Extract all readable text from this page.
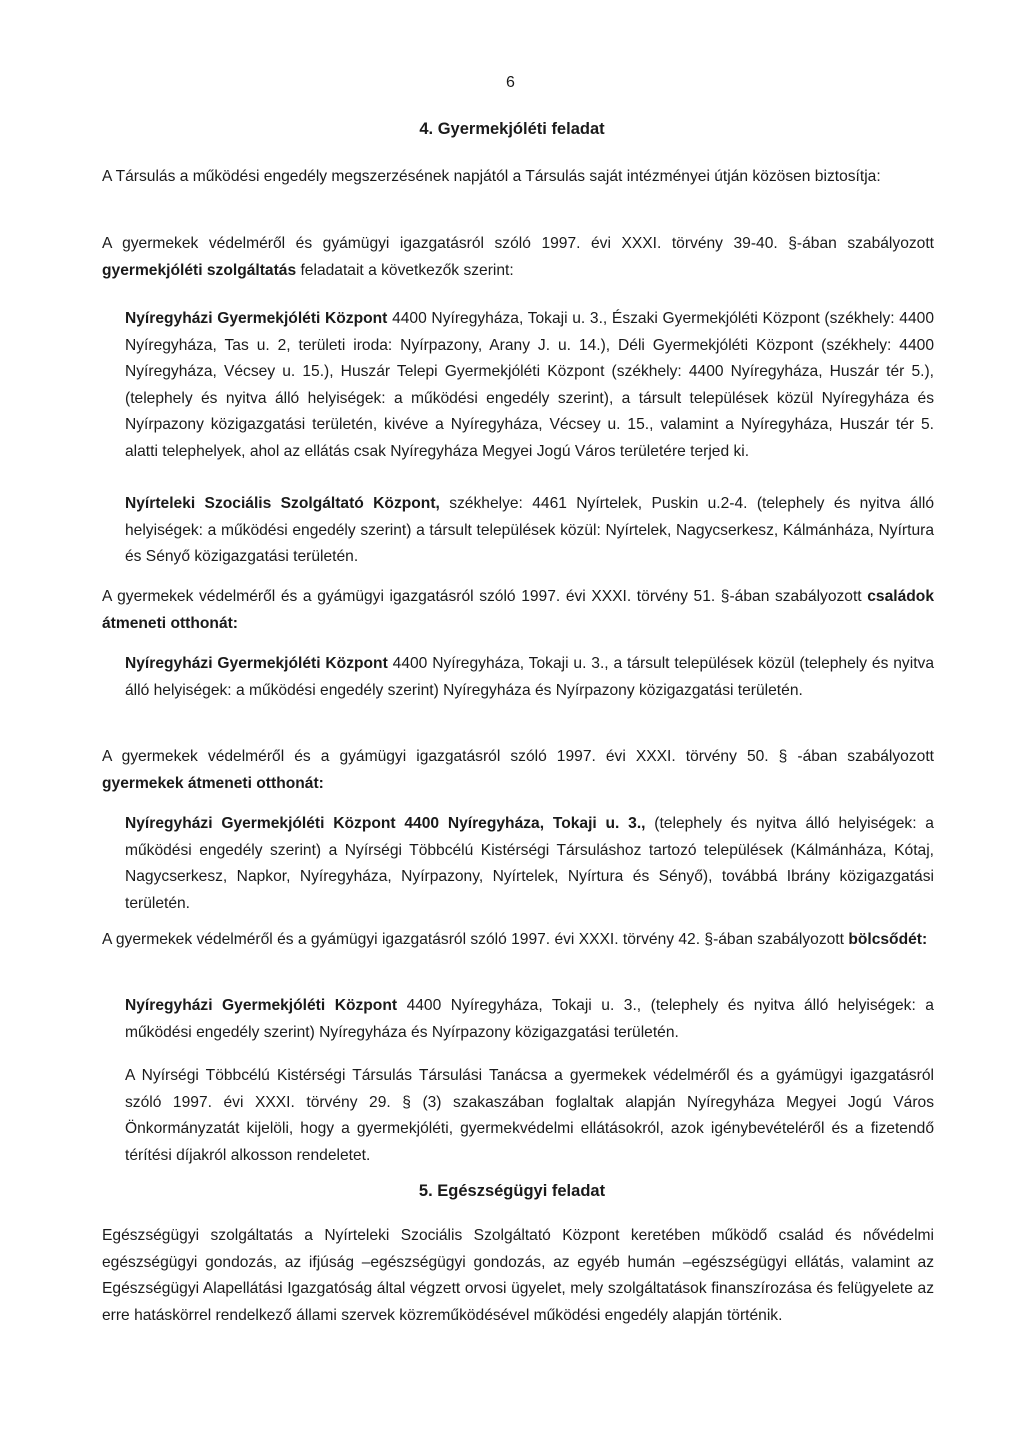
6
4. Gyermekjóléti feladat

A Társulás a működési engedély megszerzésének napjától a Társulás saját intézményei útján közösen biztosítja:

A gyermekek védelméről és gyámügyi igazgatásról szóló 1997. évi XXXI. törvény 39-40. §-ában szabályozott gyermekjóléti szolgáltatás feladatait a következők szerint:

Nyíregyházi Gyermekjóléti Központ 4400 Nyíregyháza, Tokaji u. 3., Északi Gyermekjóléti Központ (székhely: 4400 Nyíregyháza, Tas u. 2, területi iroda: Nyírpazony, Arany J. u. 14.), Déli Gyermekjóléti Központ (székhely: 4400 Nyíregyháza, Vécsey u. 15.), Huszár Telepi Gyermekjóléti Központ (székhely: 4400 Nyíregyháza, Huszár tér 5.), (telephely és nyitva álló helyiségek: a működési engedély szerint), a társult települések közül Nyíregyháza és Nyírpazony közigazgatási területén, kivéve a Nyíregyháza, Vécsey u. 15., valamint a Nyíregyháza, Huszár tér 5. alatti telephelyek, ahol az ellátás csak Nyíregyháza Megyei Jogú Város területére terjed ki.

Nyírteleki Szociális Szolgáltató Központ, székhelye: 4461 Nyírtelek, Puskin u.2-4. (telephely és nyitva álló helyiségek: a működési engedély szerint) a társult települések közül: Nyírtelek, Nagycserkesz, Kálmánháza, Nyírtura és Sényő közigazgatási területén.

A gyermekek védelméről és a gyámügyi igazgatásról szóló 1997. évi XXXI. törvény 51. §-ában szabályozott családok átmeneti otthonát:

Nyíregyházi Gyermekjóléti Központ 4400 Nyíregyháza, Tokaji u. 3., a társult települések közül (telephely és nyitva álló helyiségek: a működési engedély szerint) Nyíregyháza és Nyírpazony közigazgatási területén.

A gyermekek védelméről és a gyámügyi igazgatásról szóló 1997. évi XXXI. törvény 50. § -ában szabályozott gyermekek átmeneti otthonát:

Nyíregyházi Gyermekjóléti Központ 4400 Nyíregyháza, Tokaji u. 3., (telephely és nyitva álló helyiségek: a működési engedély szerint) a Nyírségi Többcélú Kistérségi Társuláshoz tartozó települések (Kálmánháza, Kótaj, Nagycserkesz, Napkor, Nyíregyháza, Nyírpazony, Nyírtelek, Nyírtura és Sényő), továbbá Ibrány közigazgatási területén.

A gyermekek védelméről és a gyámügyi igazgatásról szóló 1997. évi XXXI. törvény 42. §-ában szabályozott bölcsődét:

Nyíregyházi Gyermekjóléti Központ 4400 Nyíregyháza, Tokaji u. 3., (telephely és nyitva álló helyiségek: a működési engedély szerint) Nyíregyháza és Nyírpazony közigazgatási területén.

A Nyírségi Többcélú Kistérségi Társulás Társulási Tanácsa a gyermekek védelméről és a gyámügyi igazgatásról szóló 1997. évi XXXI. törvény 29. § (3) szakaszában foglaltak alapján Nyíregyháza Megyei Jogú Város Önkormányzatát kijelöli, hogy a gyermekjóléti, gyermekvédelmi ellátásokról, azok igénybevételéről és a fizetendő térítési díjakról alkosson rendeletet.

5. Egészségügyi feladat

Egészségügyi szolgáltatás a Nyírteleki Szociális Szolgáltató Központ keretében működő család és nővédelmi egészségügyi gondozás, az ifjúság –egészségügyi gondozás, az egyéb humán –egészségügyi ellátás, valamint az Egészségügyi Alapellátási Igazgatóság által végzett orvosi ügyelet, mely szolgáltatások finanszírozása és felügyelete az erre hatáskörrel rendelkező állami szervek közreműködésével működési engedély alapján történik.
